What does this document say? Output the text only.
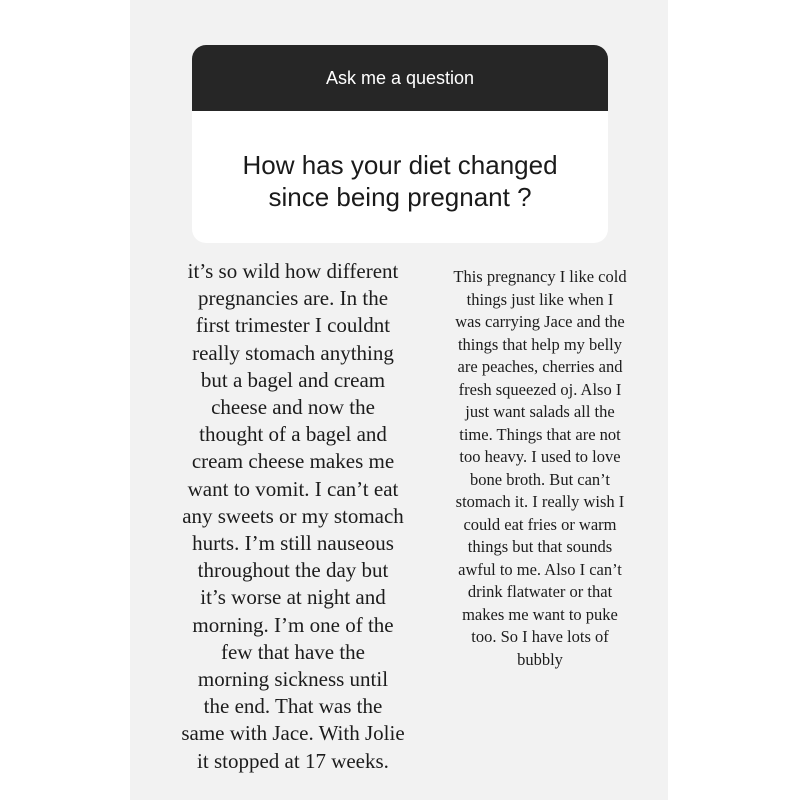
Ask me a question
How has your diet changed
since being pregnant ?
it’s so wild how different
pregnancies are. In the
first trimester I couldnt
really stomach anything
but a bagel and cream
cheese and now the
thought of a bagel and
cream cheese makes me
want to vomit. I can’t eat
any sweets or my stomach
hurts. I’m still nauseous
throughout the day but
it’s worse at night and
morning. I’m one of the
few that have the
morning sickness until
the end. That was the
same with Jace. With Jolie
it stopped at 17 weeks.
This pregnancy I like cold
things just like when I
was carrying Jace and the
things that help my belly
are peaches, cherries and
fresh squeezed oj. Also I
just want salads all the
time. Things that are not
too heavy. I used to love
bone broth. But can’t
stomach it. I really wish I
could eat fries or warm
things but that sounds
awful to me. Also I can’t
drink flatwater or that
makes me want to puke
too. So I have lots of
bubbly
